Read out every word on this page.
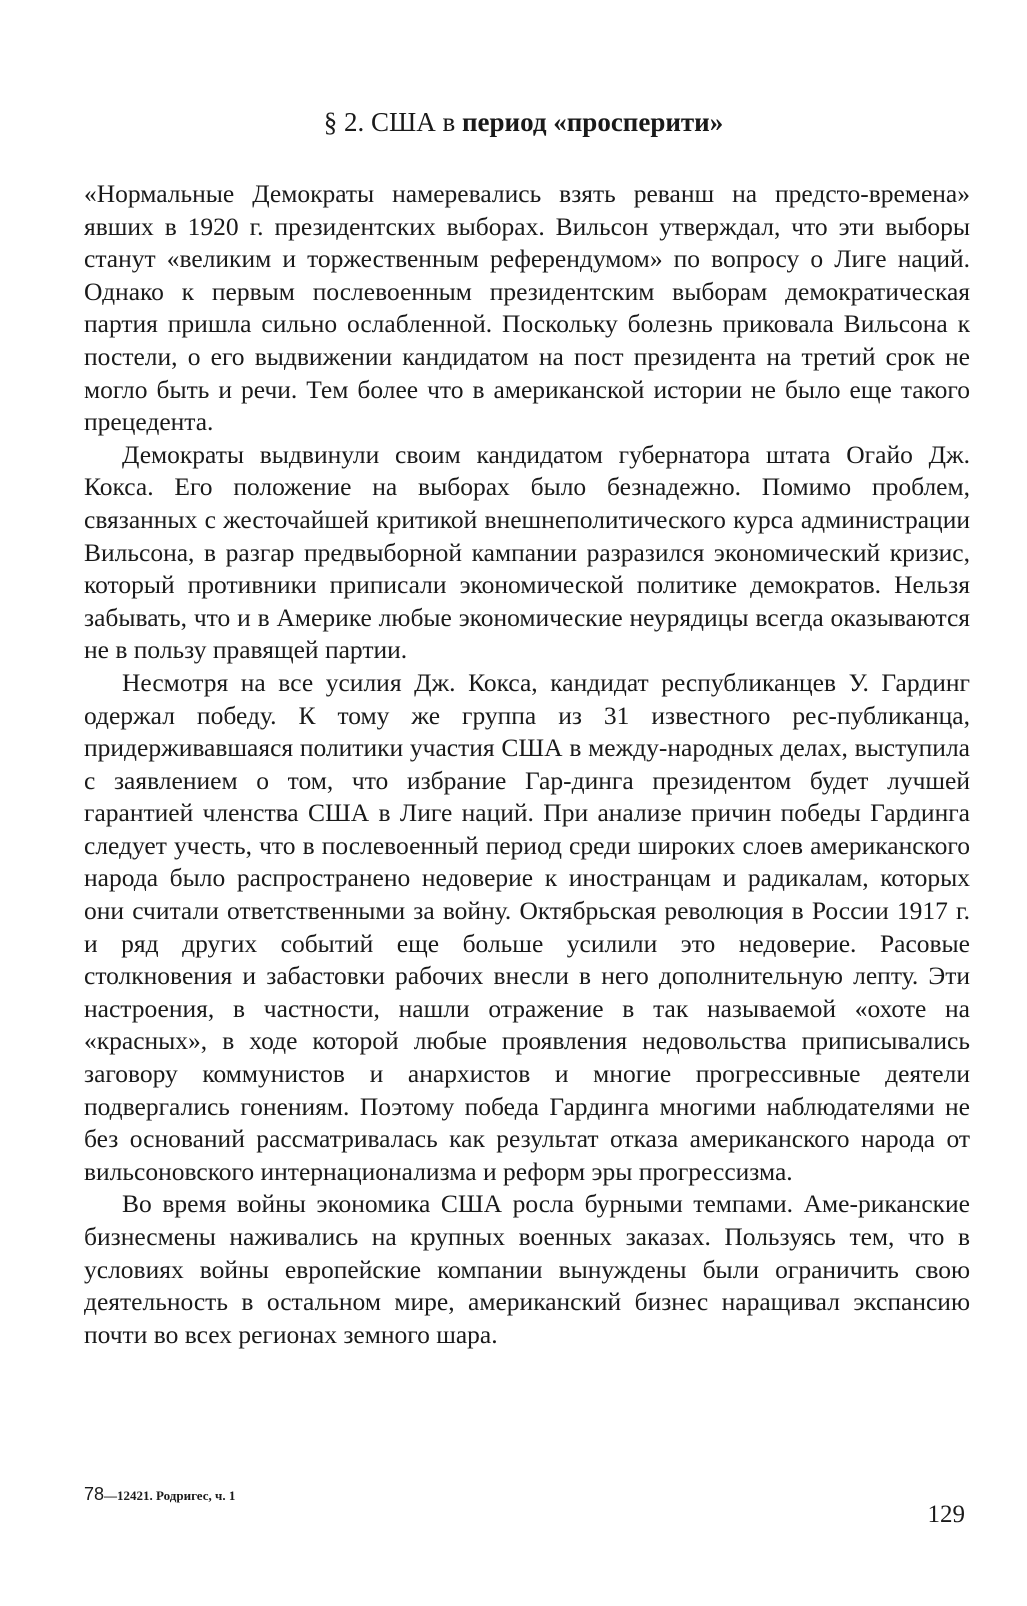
§ 2. США в период «просперити»

«Нормальные Демократы намеревались взять реванш на предсто-времена» явших в 1920 г. президентских выборах. Вильсон утверждал, что эти выборы станут «великим и торжественным референдумом» по вопросу о Лиге наций. Однако к первым послевоенным президентским выборам демократическая партия пришла сильно ослабленной. Поскольку болезнь приковала Вильсона к постели, о его выдвижении кандидатом на пост президента на третий срок не могло быть и речи. Тем более что в американской истории не было еще такого прецедента.

Демократы выдвинули своим кандидатом губернатора штата Огайо Дж. Кокса. Его положение на выборах было безнадежно. Помимо проблем, связанных с жесточайшей критикой внешнеполитического курса администрации Вильсона, в разгар предвыборной кампании разразился экономический кризис, который противники приписали экономической политике демократов. Нельзя забывать, что и в Америке любые экономические неурядицы всегда оказываются не в пользу правящей партии.

Несмотря на все усилия Дж. Кокса, кандидат республиканцев У. Гардинг одержал победу. К тому же группа из 31 известного рес-публиканца, придерживавшаяся политики участия США в между-народных делах, выступила с заявлением о том, что избрание Гар-динга президентом будет лучшей гарантией членства США в Лиге наций. При анализе причин победы Гардинга следует учесть, что в послевоенный период среди широких слоев американского народа было распространено недоверие к иностранцам и радикалам, которых они считали ответственными за войну. Октябрьская революция в России 1917 г. и ряд других событий еще больше усилили это недоверие. Расовые столкновения и забастовки рабочих внесли в него дополнительную лепту. Эти настроения, в частности, нашли отражение в так называемой «охоте на «красных», в ходе которой любые проявления недовольства приписывались заговору коммунистов и анархистов и многие прогрессивные деятели подвергались гонениям. Поэтому победа Гардинга многими наблюдателями не без оснований рассматривалась как результат отказа американского народа от вильсоновского интернационализма и реформ эры прогрессизма.

Во время войны экономика США росла бурными темпами. Аме-риканские бизнесмены наживались на крупных военных заказах. Пользуясь тем, что в условиях войны европейские компании вынуждены были ограничить свою деятельность в остальном мире, американский бизнес наращивал экспансию почти во всех регионах земного шара.

78—12421. Родригес, ч. 1
129
